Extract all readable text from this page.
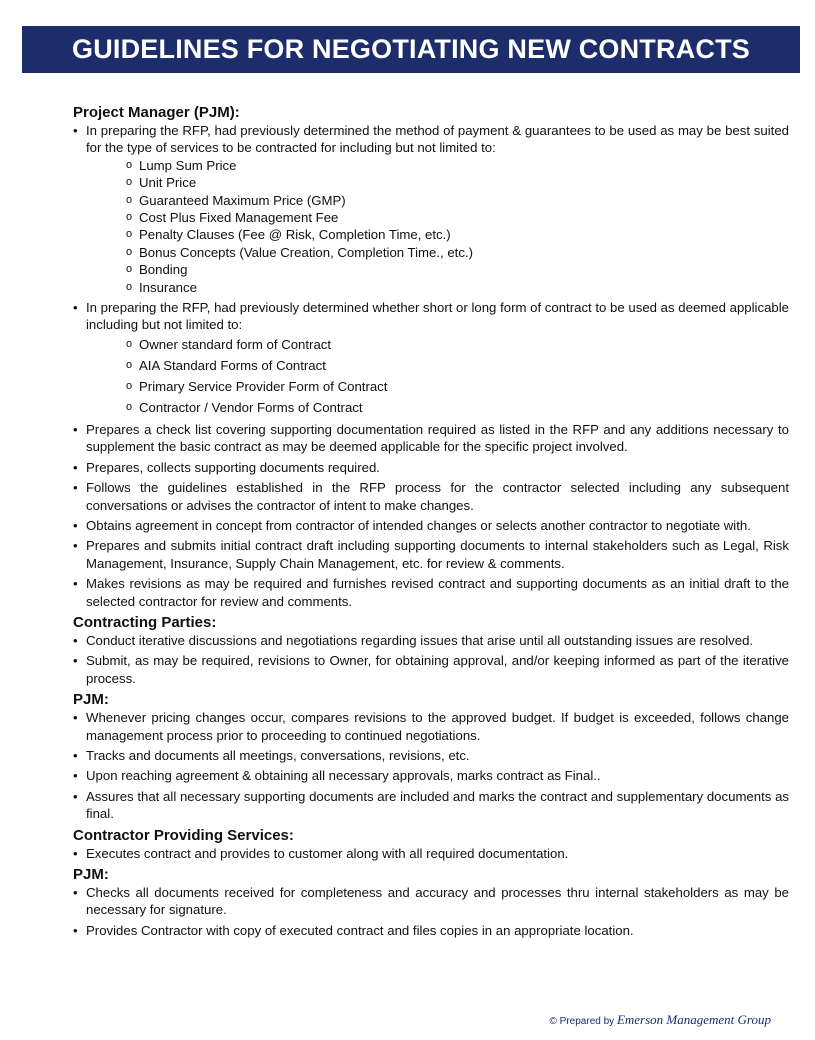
GUIDELINES FOR NEGOTIATING NEW CONTRACTS

Project Manager (PJM):

• In preparing the RFP, had previously determined the method of payment & guarantees to be used as may be best suited for the type of services to be contracted for including but not limited to:
o Lump Sum Price
o Unit Price
o Guaranteed Maximum Price (GMP)
o Cost Plus Fixed Management Fee
o Penalty Clauses (Fee @ Risk, Completion Time, etc.)
o Bonus Concepts (Value Creation, Completion Time., etc.)
o Bonding
o Insurance
• In preparing the RFP, had previously determined whether short or long form of contract to be used as deemed applicable including but not limited to:
o Owner standard form of Contract
o AIA Standard Forms of Contract
o Primary Service Provider Form of Contract
o Contractor / Vendor Forms of Contract
• Prepares a check list covering supporting documentation required as listed in the RFP and any additions necessary to supplement the basic contract as may be deemed applicable for the specific project involved.
• Prepares, collects supporting documents required.
• Follows the guidelines established in the RFP process for the contractor selected including any subsequent conversations or advises the contractor of intent to make changes.
• Obtains agreement in concept from contractor of intended changes or selects another contractor to negotiate with.
• Prepares and submits initial contract draft including supporting documents to internal stakeholders such as Legal, Risk Management, Insurance, Supply Chain Management, etc. for review & comments.
• Makes revisions as may be required and furnishes revised contract and supporting documents as an initial draft to the selected contractor for review and comments.

Contracting Parties:

• Conduct iterative discussions and negotiations regarding issues that arise until all outstanding issues are resolved.
• Submit, as may be required, revisions to Owner, for obtaining approval, and/or keeping informed as part of the iterative process.

PJM:

• Whenever pricing changes occur, compares revisions to the approved budget. If budget is exceeded, follows change management process prior to proceeding to continued negotiations.
• Tracks and documents all meetings, conversations, revisions, etc.
• Upon reaching agreement & obtaining all necessary approvals, marks contract as Final..
• Assures that all necessary supporting documents are included and marks the contract and supplementary documents as final.

Contractor Providing Services:

• Executes contract and provides to customer along with all required documentation.

PJM:

• Checks all documents received for completeness and accuracy and processes thru internal stakeholders as may be necessary for signature.
• Provides Contractor with copy of executed contract and files copies in an appropriate location.
© Prepared by Emerson Management Group
